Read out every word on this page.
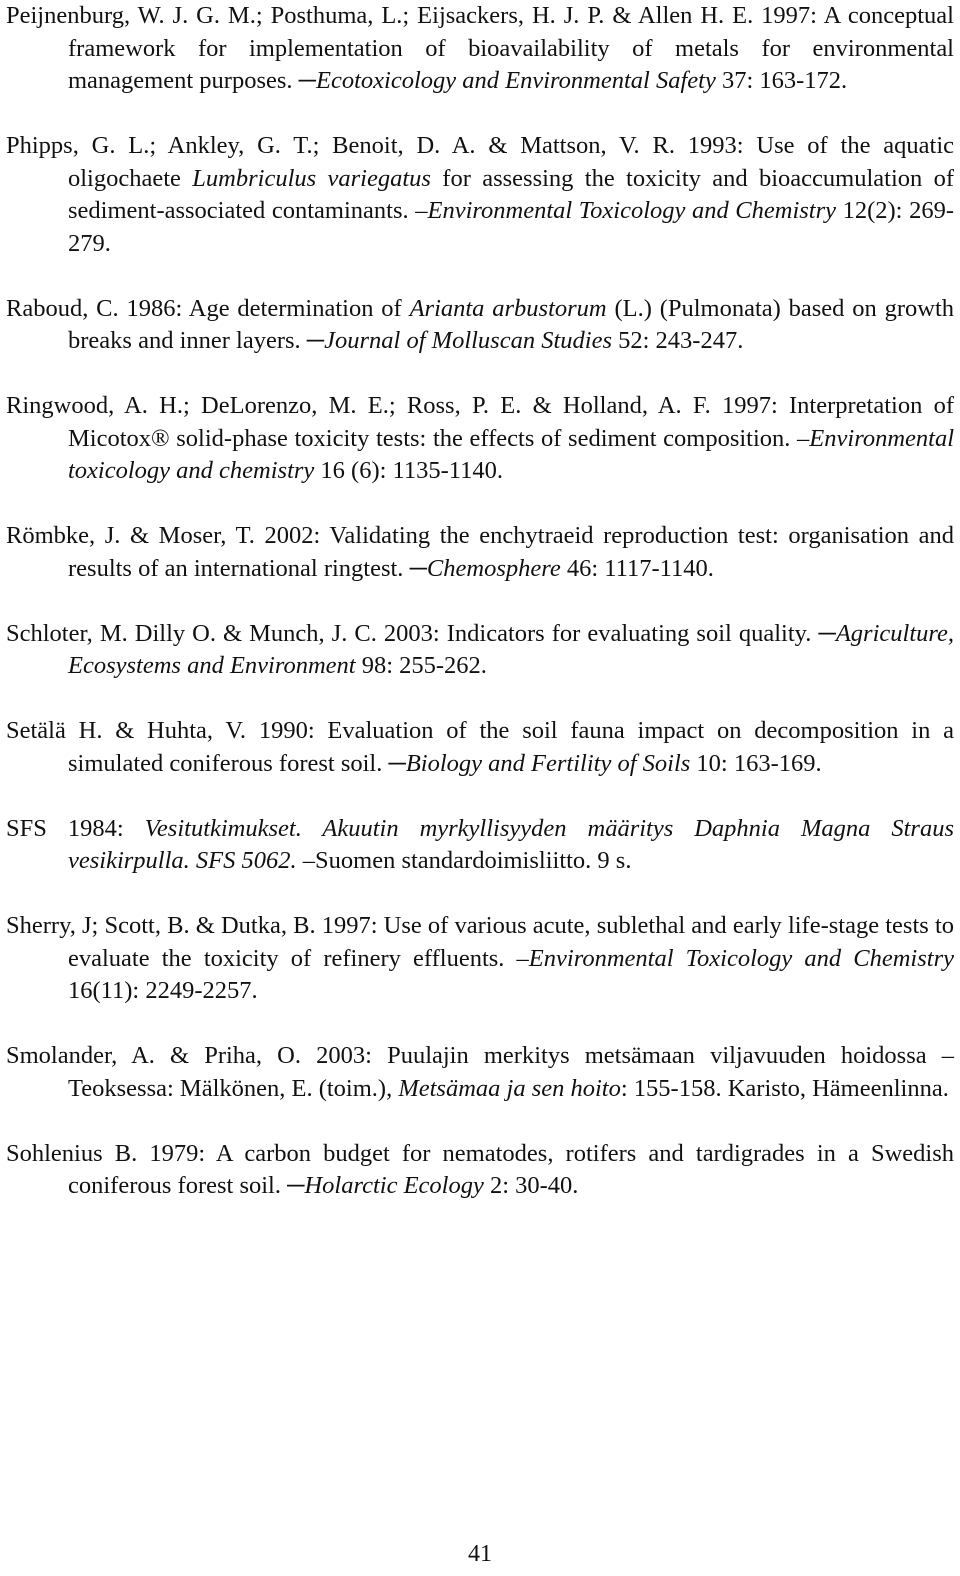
Peijnenburg, W. J. G. M.; Posthuma, L.; Eijsackers, H. J. P. & Allen H. E. 1997: A conceptual framework for implementation of bioavailability of metals for environmental management purposes. ─Ecotoxicology and Environmental Safety 37: 163-172.

Phipps, G. L.; Ankley, G. T.; Benoit, D. A. & Mattson, V. R. 1993: Use of the aquatic oligochaete Lumbriculus variegatus for assessing the toxicity and bioaccumulation of sediment-associated contaminants. –Environmental Toxicology and Chemistry 12(2): 269-279.

Raboud, C. 1986: Age determination of Arianta arbustorum (L.) (Pulmonata) based on growth breaks and inner layers. ─Journal of Molluscan Studies 52: 243-247.

Ringwood, A. H.; DeLorenzo, M. E.; Ross, P. E. & Holland, A. F. 1997: Interpretation of Micotox® solid-phase toxicity tests: the effects of sediment composition. –Environmental toxicology and chemistry 16 (6): 1135-1140.

Römbke, J. & Moser, T. 2002: Validating the enchytraeid reproduction test: organisation and results of an international ringtest. ─Chemosphere 46: 1117-1140.

Schloter, M. Dilly O. & Munch, J. C. 2003: Indicators for evaluating soil quality. ─Agriculture, Ecosystems and Environment 98: 255-262.

Setälä H. & Huhta, V. 1990: Evaluation of the soil fauna impact on decomposition in a simulated coniferous forest soil. ─Biology and Fertility of Soils 10: 163-169.

SFS 1984: Vesitutkimukset. Akuutin myrkyllisyyden määritys Daphnia Magna Straus vesikirpulla. SFS 5062. –Suomen standardoimisliitto. 9 s.

Sherry, J; Scott, B. & Dutka, B. 1997: Use of various acute, sublethal and early life-stage tests to evaluate the toxicity of refinery effluents. –Environmental Toxicology and Chemistry 16(11): 2249-2257.

Smolander, A. & Priha, O. 2003: Puulajin merkitys metsämaan viljavuuden hoidossa –Teoksessa: Mälkönen, E. (toim.), Metsämaa ja sen hoito: 155-158. Karisto, Hämeenlinna.

Sohlenius B. 1979: A carbon budget for nematodes, rotifers and tardigrades in a Swedish coniferous forest soil. ─Holarctic Ecology 2: 30-40.

41
